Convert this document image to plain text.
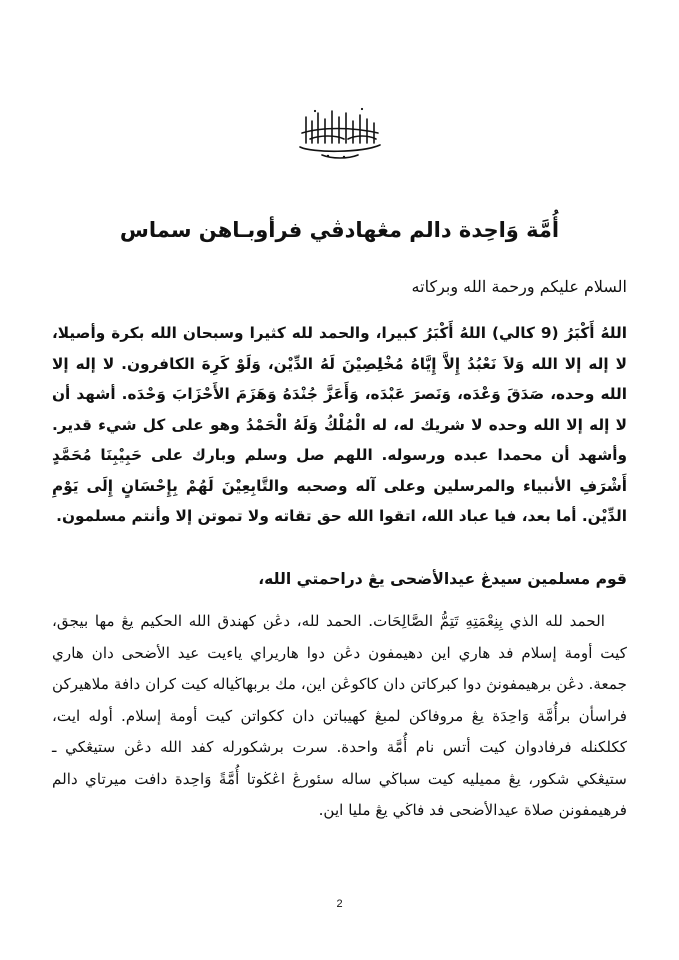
أُمَّة وَاحِدة دالم مڠهادڤي فرأوبـاهن سماس

السلام عليكم ورحمة الله وبركاته

اللهُ أَكْبَرُ (9 كالي) اللهُ أَكْبَرُ كبيرا، والحمد لله كثيرا وسبحان الله بكرة وأصيلا، لا إله إلا الله وَلاَ نَعْبُدُ إِلاَّ إِيَّاهُ مُخْلِصِيْنَ لَهُ الدِّيْن، وَلَوْ كَرِهَ الكافرون. لا إله إلا الله وحده، صَدَقَ وَعْدَه، وَنَصرَ عَبْدَه، وَأَعَزَّ جُنْدَهُ وَهَزَمَ الأَحْزَابَ وَحْدَه. أشهد أن لا إله إلا الله وحده لا شريك له، له الْمُلْكُ وَلَهُ الْحَمْدُ وهو على كل شيء قدير. وأشهد أن محمدا عبده ورسوله. اللهم صل وسلم وبارك على حَبِيْبِنَا مُحَمَّدٍ أَشْرَفِ الأنبياء والمرسلين وعلى آله وصحبه والتَّابِعِيْنَ لَهُمْ بِإِحْسَانٍ إِلَى يَوْمِ الدِّيْن. أما بعد، فيا عباد الله، اتقوا الله حق تقاته ولا تموتن إلا وأنتم مسلمون.

قوم مسلمين سيدڠ عيدالأضحى يڠ دراحمتي الله،

الحمد لله الذي بِنِعْمَتِهِ تَتِمُّ الصَّالِحَات. الحمد لله، دڠن كهندق الله الحكيم يڠ مها بيجق، كيت أومة إسلام فد هاري اين دهيمفون دڠن دوا هاريراي ياءيت عيد الأضحى دان هاري جمعة. دڠن برهيمفونڽ دوا كبركاتن دان كاكوڠن اين، مك بربهاڬياله كيت كران دافة ملاهيركن فراسأن برأُمَّة وَاحِدَة يڠ مروفاكن لمبڠ كهيباتن دان ككواتن كيت أومة إسلام. أوله ايت، ككلكنله فرفادوان كيت أتس نام أُمَّة واحدة. سرت برشكورله كفد الله دڠن ستيڠكي ـ ستيڠكي شكور، يڠ مميليه كيت سباڬي ساله سئورڠ اڠڬوتا أُمَّةً وَاحِدة دافت ميرتاي دالم فرهيمفونن صلاة عيدالأضحى فد فاڬي يڠ مليا اين.

2
